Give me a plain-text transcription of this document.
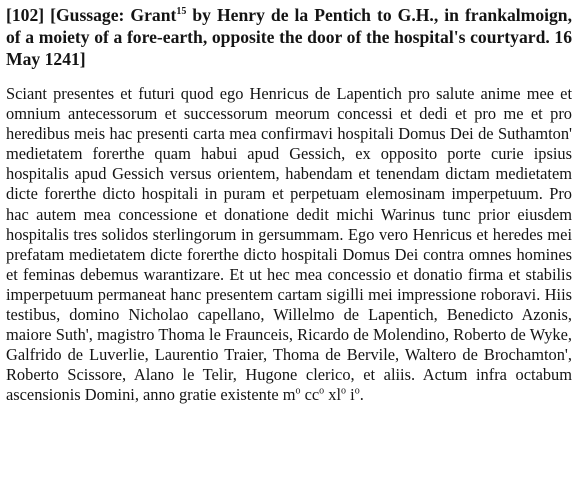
[102] [Gussage: Grant$^{15}$ by Henry de la Pentich to G.H., in frankalmoign, of a moiety of a fore-earth, opposite the door of the hospital's courtyard. 16 May 1241]

Sciant presentes et futuri quod ego Henricus de Lapentich pro salute anime mee et omnium antecessorum et successorum meorum concessi et dedi et pro me et pro heredibus meis hac presenti carta mea confirmavi hospitali Domus Dei de Suthamton' medietatem forerthe quam habui apud Gessich, ex opposito porte curie ipsius hospitalis apud Gessich versus orientem, habendam et tenendam dictam medietatem dicte forerthe dicto hospitali in puram et perpetuam elemosinam imperpetuum. Pro hac autem mea concessione et donatione dedit michi Warinus tunc prior eiusdem hospitalis tres solidos sterlingorum in gersummam. Ego vero Henricus et heredes mei prefatam medietatem dicte forerthe dicto hospitali Domus Dei contra omnes homines et feminas debemus warantizare. Et ut hec mea concessio et donatio firma et stabilis imperpetuum permaneat hanc presentem cartam sigilli mei impressione roboravi. Hiis testibus, domino Nicholao capellano, Willelmo de Lapentich, Benedicto Azonis, maiore Suth', magistro Thoma le Fraunceis, Ricardo de Molendino, Roberto de Wyke, Galfrido de Luverlie, Laurentio Traier, Thoma de Bervile, Waltero de Brochamton', Roberto Scissore, Alano le Telir, Hugone clerico, et aliis. Actum infra octabum ascensionis Domini, anno gratie existente $m^o$ $cc^o$ $xl^o$ $i^o$.
